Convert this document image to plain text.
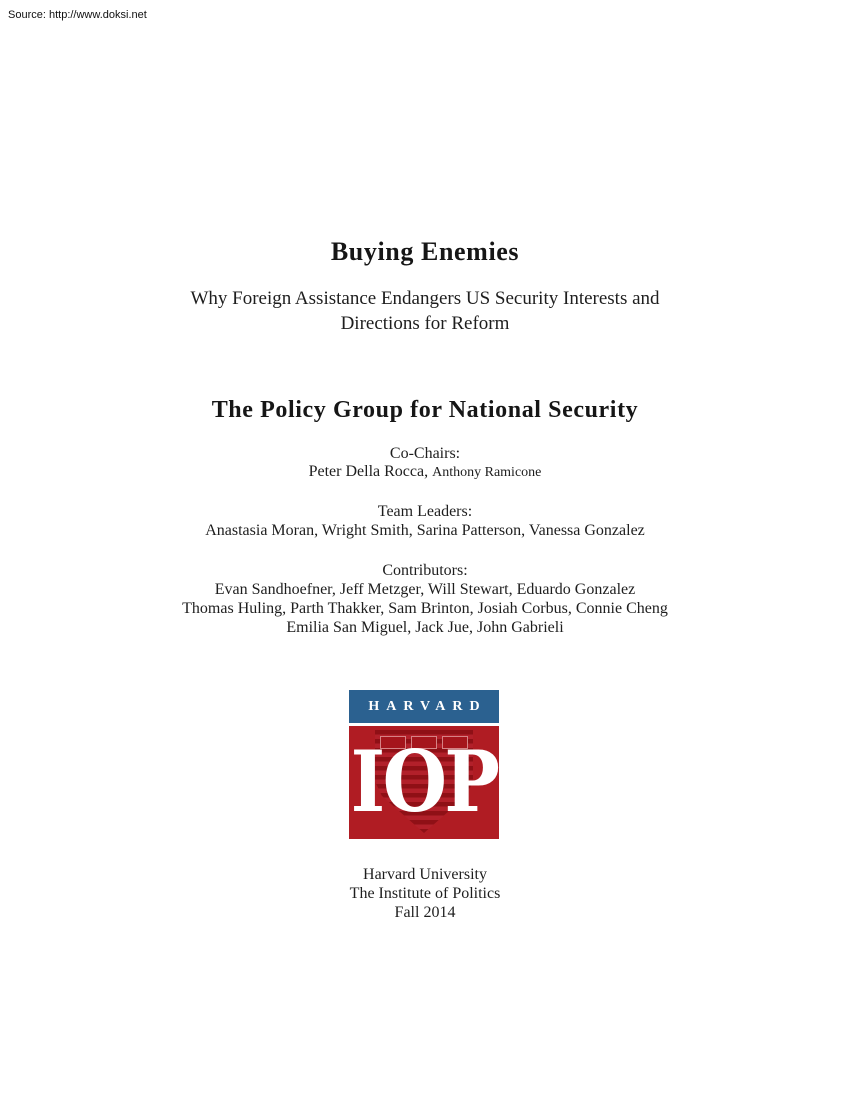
Source: http://www.doksi.net
Buying Enemies
Why Foreign Assistance Endangers US Security Interests and
Directions for Reform
The Policy Group for National Security
Co-Chairs:
Peter Della Rocca, Anthony Ramicone
Team Leaders:
Anastasia Moran, Wright Smith, Sarina Patterson, Vanessa Gonzalez
Contributors:
Evan Sandhoefner, Jeff Metzger, Will Stewart, Eduardo Gonzalez
Thomas Huling, Parth Thakker, Sam Brinton, Josiah Corbus, Connie Cheng
Emilia San Miguel, Jack Jue, John Gabrieli
HARVARD
IOP
Harvard University
The Institute of Politics
Fall 2014
